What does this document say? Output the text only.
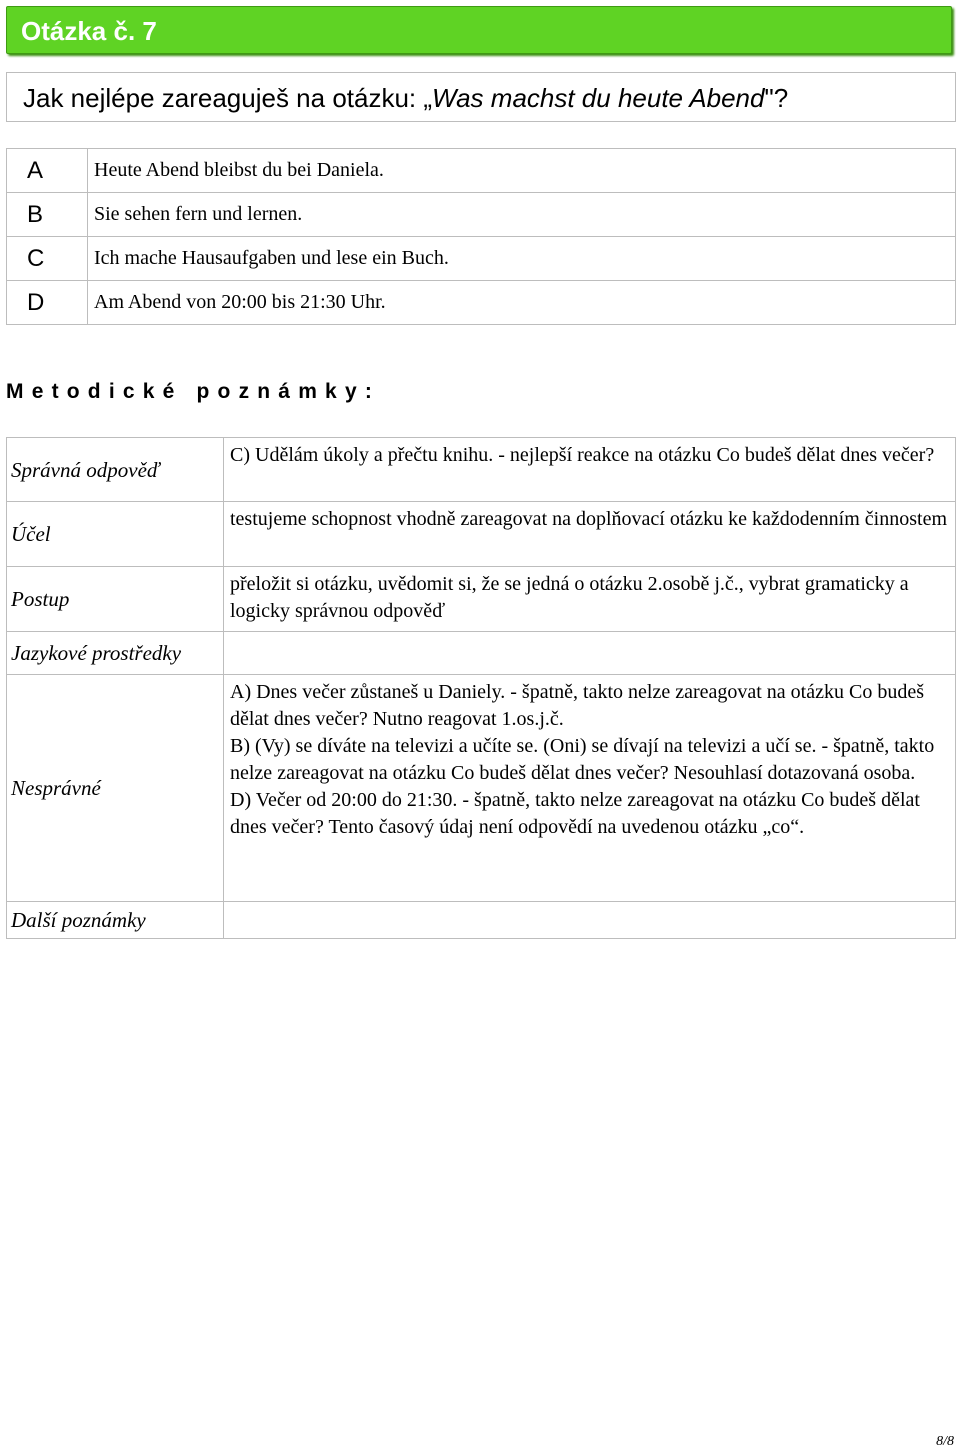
Otázka č. 7
Jak nejlépe zareaguješ na otázku: „Was machst du heute Abend"?
A	Heute Abend bleibst du bei Daniela.
B	Sie sehen fern und lernen.
C	Ich mache Hausaufgaben und lese ein Buch.
D	Am Abend von 20:00 bis 21:30 Uhr.
Metodické poznámky:
Správná odpověď	C) Udělám úkoly a přečtu knihu. - nejlepší reakce na otázku Co budeš dělat dnes večer?
Účel	testujeme schopnost vhodně zareagovat na doplňovací otázku ke každodenním činnostem
Postup	přeložit si otázku, uvědomit si, že se jedná o otázku 2.osobě j.č., vybrat gramaticky a logicky správnou odpověď
Jazykové prostředky	
Nesprávné	A) Dnes večer zůstaneš u Daniely. - špatně, takto nelze zareagovat na otázku Co budeš dělat dnes večer? Nutno reagovat 1.os.j.č.

B) (Vy) se díváte na televizi a učíte se. (Oni) se dívají na televizi a učí se. - špatně, takto nelze zareagovat na otázku Co budeš dělat dnes večer? Nesouhlasí dotazovaná osoba.

D) Večer od 20:00 do 21:30. - špatně, takto nelze zareagovat na otázku Co budeš dělat dnes večer? Tento časový údaj není odpovědí na uvedenou otázku „co“.

Další poznámky	
8/8
